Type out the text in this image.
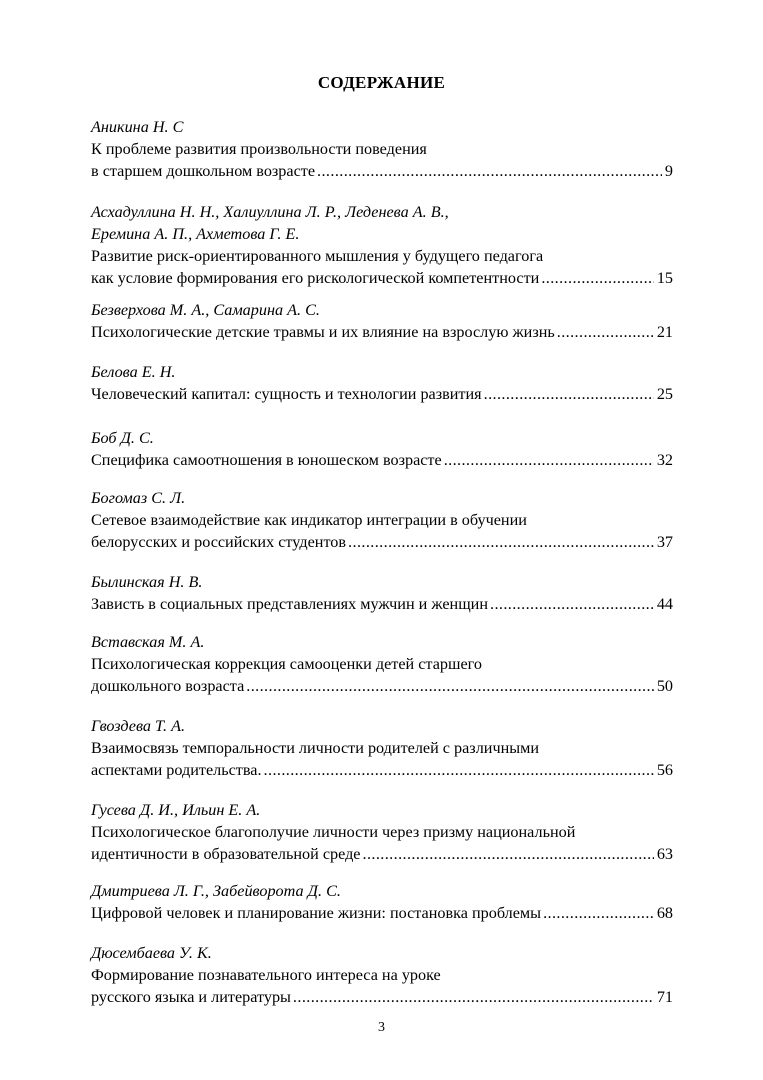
СОДЕРЖАНИЕ
Аникина Н. С
К проблеме развития произвольности поведения
в старшем дошкольном возрасте .....	9
Асхадуллина Н. Н., Халиуллина Л. Р., Леденева А. В.,
Еремина А. П., Ахметова Г. Е.
Развитие риск-ориентированного мышления у будущего педагога
как условие формирования его рискологической компетентности .....	15
Безверхова М. А., Самарина А. С.
Психологические детские травмы и их влияние на взрослую жизнь .....	21
Белова Е. Н.
Человеческий капитал: сущность и технологии развития .....	25
Боб Д. С.
Специфика самоотношения в юношеском возрасте .....	32
Богомаз С. Л.
Сетевое взаимодействие как индикатор интеграции в обучении
белорусских и российских студентов .....	37
Былинская Н. В.
Зависть в социальных представлениях мужчин и женщин .....	44
Вставская М. А.
Психологическая коррекция самооценки детей старшего
дошкольного возраста .....	50
Гвоздева Т. А.
Взаимосвязь темпоральности личности родителей с различными
аспектами родительства. .....	56
Гусева Д. И., Ильин Е. А.
Психологическое благополучие личности через призму национальной
идентичности в образовательной среде .....	63
Дмитриева Л. Г., Забейворота Д. С.
Цифровой человек и планирование жизни: постановка проблемы .....	68
Дюсембаева У. К.
Формирование познавательного интереса на уроке
русского языка и литературы .....	71
3
